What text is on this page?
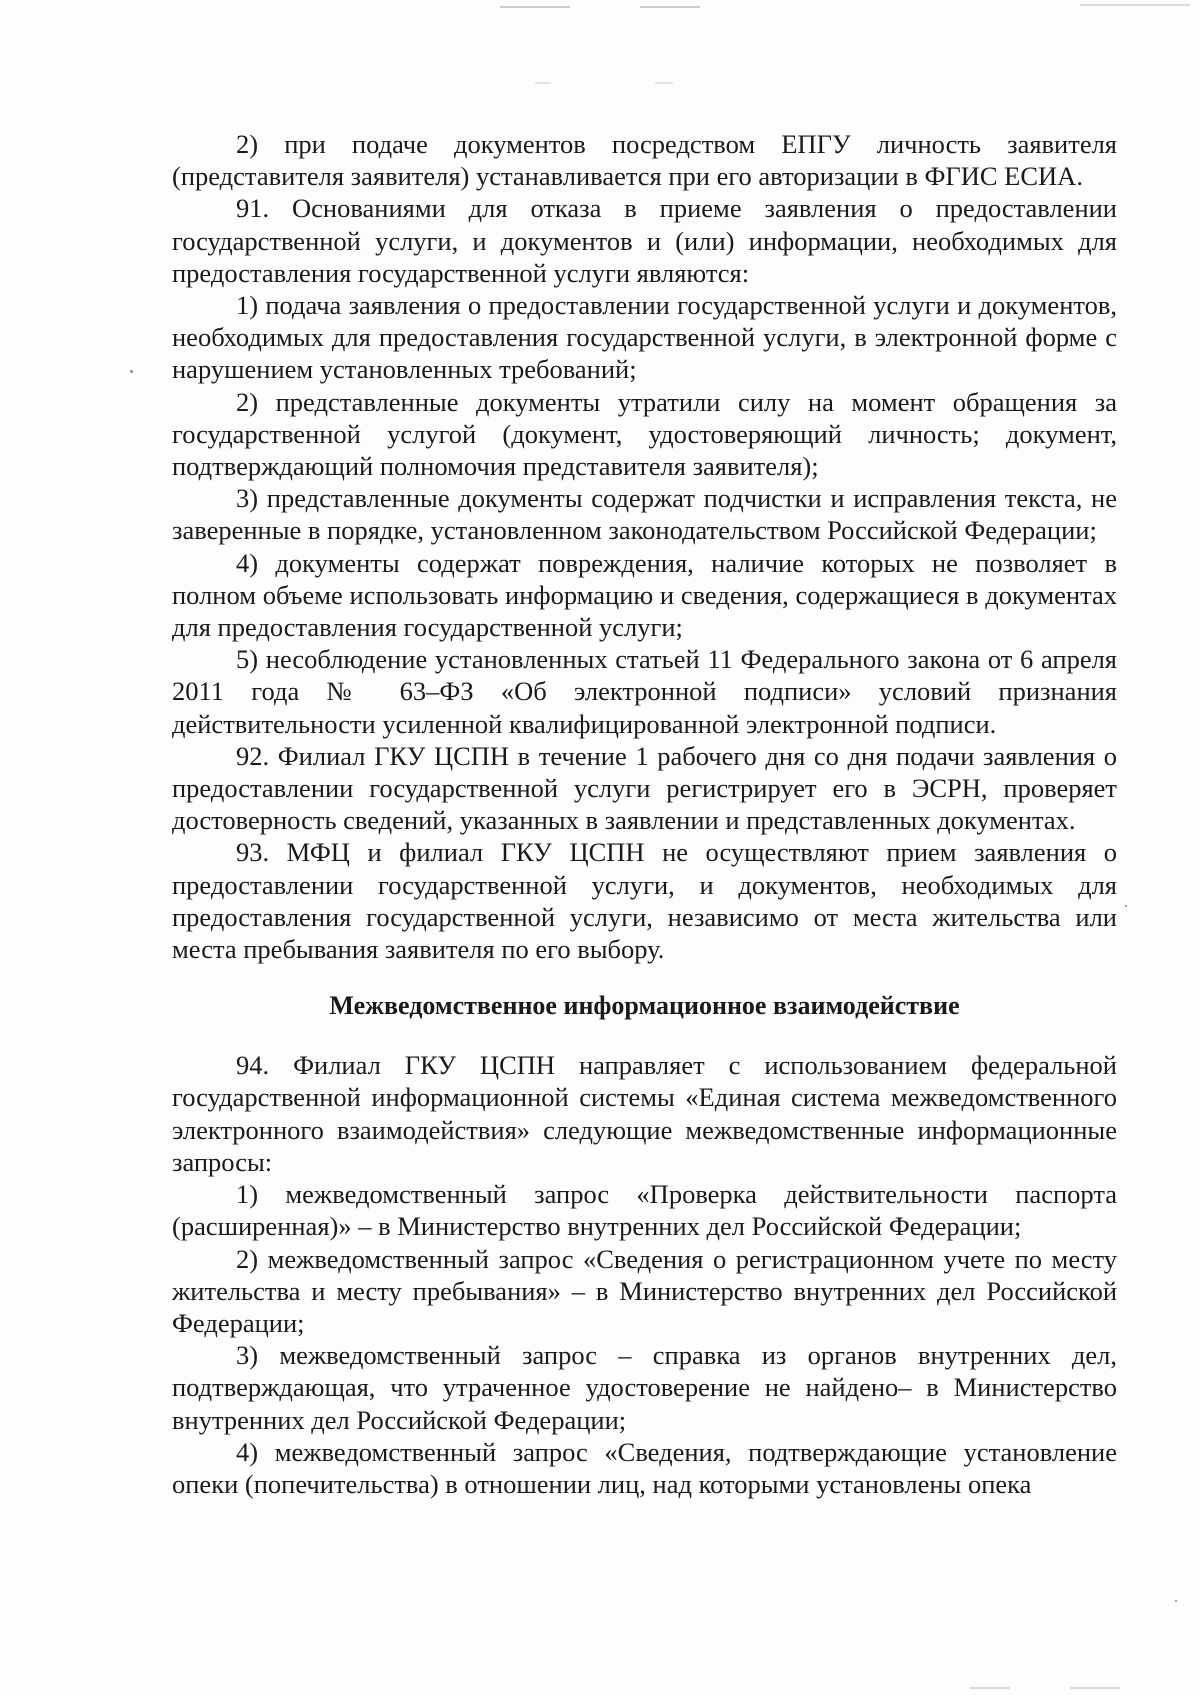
2) при подаче документов посредством ЕПГУ личность заявителя (представителя заявителя) устанавливается при его авторизации в ФГИС ЕСИА.

91. Основаниями для отказа в приеме заявления о предоставлении государственной услуги, и документов и (или) информации, необходимых для предоставления государственной услуги являются:

1) подача заявления о предоставлении государственной услуги и документов, необходимых для предоставления государственной услуги, в электронной форме с нарушением установленных требований;

2) представленные документы утратили силу на момент обращения за государственной услугой (документ, удостоверяющий личность; документ, подтверждающий полномочия представителя заявителя);

3) представленные документы содержат подчистки и исправления текста, не заверенные в порядке, установленном законодательством Российской Федерации;

4) документы содержат повреждения, наличие которых не позволяет в полном объеме использовать информацию и сведения, содержащиеся в документах для предоставления государственной услуги;

5) несоблюдение установленных статьей 11 Федерального закона от 6 апреля 2011 года № 63–ФЗ «Об электронной подписи» условий признания действительности усиленной квалифицированной электронной подписи.

92. Филиал ГКУ ЦСПН в течение 1 рабочего дня со дня подачи заявления о предоставлении государственной услуги регистрирует его в ЭСРН, проверяет достоверность сведений, указанных в заявлении и представленных документах.

93. МФЦ и филиал ГКУ ЦСПН не осуществляют прием заявления о предоставлении государственной услуги, и документов, необходимых для предоставления государственной услуги, независимо от места жительства или места пребывания заявителя по его выбору.

Межведомственное информационное взаимодействие

94. Филиал ГКУ ЦСПН направляет с использованием федеральной государственной информационной системы «Единая система межведомственного электронного взаимодействия» следующие межведомственные информационные запросы:

1) межведомственный запрос «Проверка действительности паспорта (расширенная)» – в Министерство внутренних дел Российской Федерации;

2) межведомственный запрос «Сведения о регистрационном учете по месту жительства и месту пребывания» – в Министерство внутренних дел Российской Федерации;

3) межведомственный запрос – справка из органов внутренних дел, подтверждающая, что утраченное удостоверение не найдено– в Министерство внутренних дел Российской Федерации;

4) межведомственный запрос «Сведения, подтверждающие установление опеки (попечительства) в отношении лиц, над которыми установлены опека
